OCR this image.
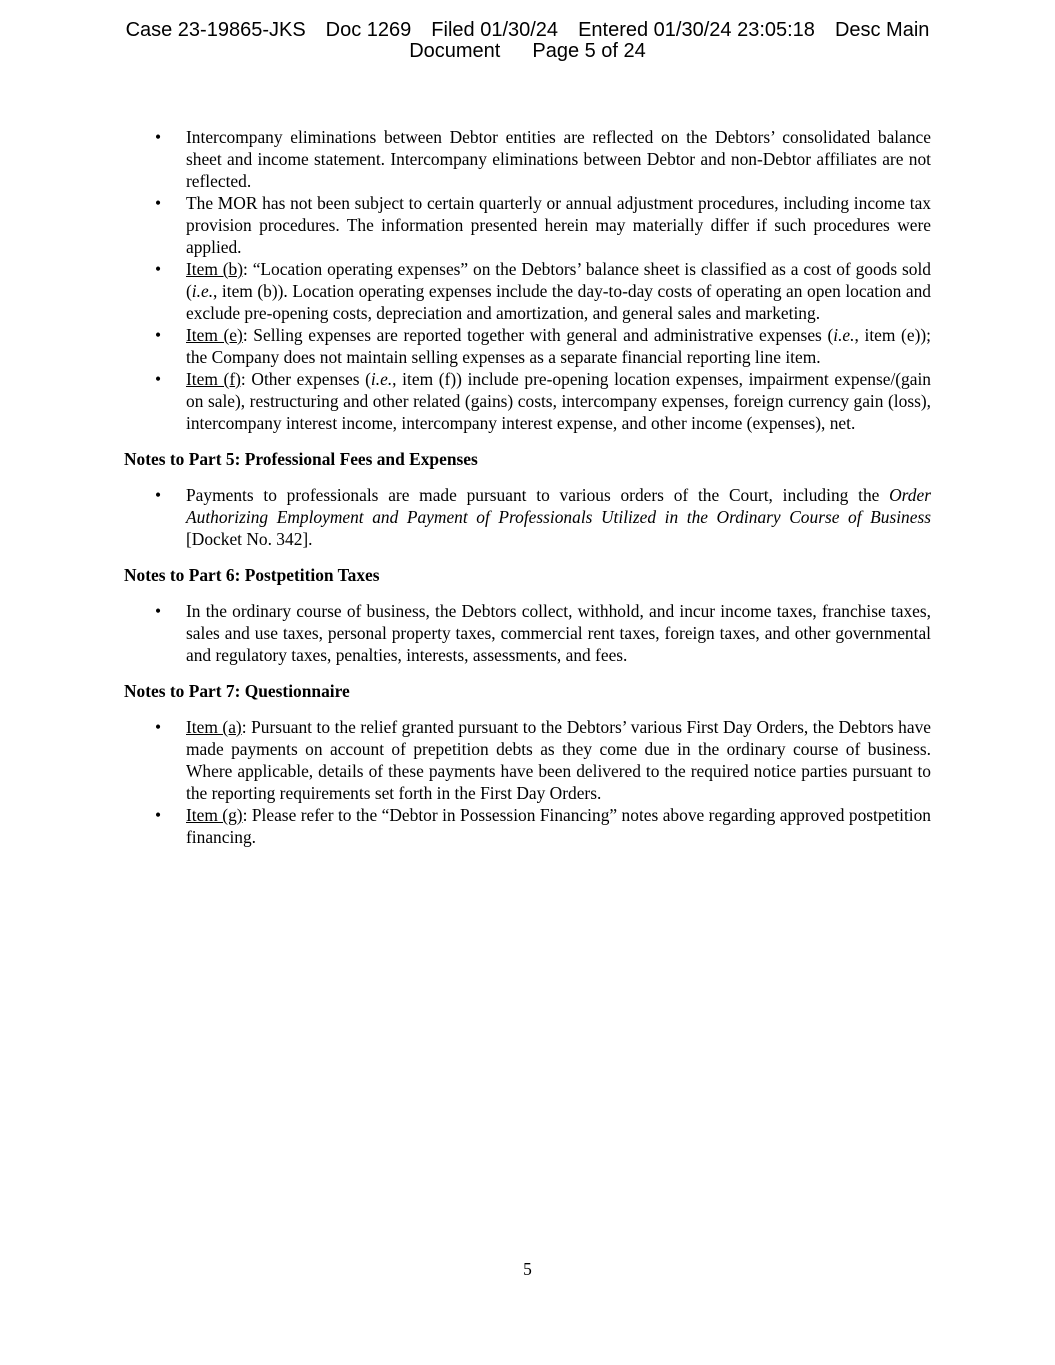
Case 23-19865-JKS Doc 1269 Filed 01/30/24 Entered 01/30/24 23:05:18 Desc Main
Document Page 5 of 24
• Intercompany eliminations between Debtor entities are reflected on the Debtors’ consolidated balance sheet and income statement. Intercompany eliminations between Debtor and non-Debtor affiliates are not reflected.
• The MOR has not been subject to certain quarterly or annual adjustment procedures, including income tax provision procedures. The information presented herein may materially differ if such procedures were applied.
• Item (b): “Location operating expenses” on the Debtors’ balance sheet is classified as a cost of goods sold (i.e., item (b)). Location operating expenses include the day-to-day costs of operating an open location and exclude pre-opening costs, depreciation and amortization, and general sales and marketing.
• Item (e): Selling expenses are reported together with general and administrative expenses (i.e., item (e)); the Company does not maintain selling expenses as a separate financial reporting line item.
• Item (f): Other expenses (i.e., item (f)) include pre-opening location expenses, impairment expense/(gain on sale), restructuring and other related (gains) costs, intercompany expenses, foreign currency gain (loss), intercompany interest income, intercompany interest expense, and other income (expenses), net.
Notes to Part 5: Professional Fees and Expenses
• Payments to professionals are made pursuant to various orders of the Court, including the Order Authorizing Employment and Payment of Professionals Utilized in the Ordinary Course of Business [Docket No. 342].
Notes to Part 6: Postpetition Taxes
• In the ordinary course of business, the Debtors collect, withhold, and incur income taxes, franchise taxes, sales and use taxes, personal property taxes, commercial rent taxes, foreign taxes, and other governmental and regulatory taxes, penalties, interests, assessments, and fees.
Notes to Part 7: Questionnaire
• Item (a): Pursuant to the relief granted pursuant to the Debtors’ various First Day Orders, the Debtors have made payments on account of prepetition debts as they come due in the ordinary course of business. Where applicable, details of these payments have been delivered to the required notice parties pursuant to the reporting requirements set forth in the First Day Orders.
• Item (g): Please refer to the “Debtor in Possession Financing” notes above regarding approved postpetition financing.
5
